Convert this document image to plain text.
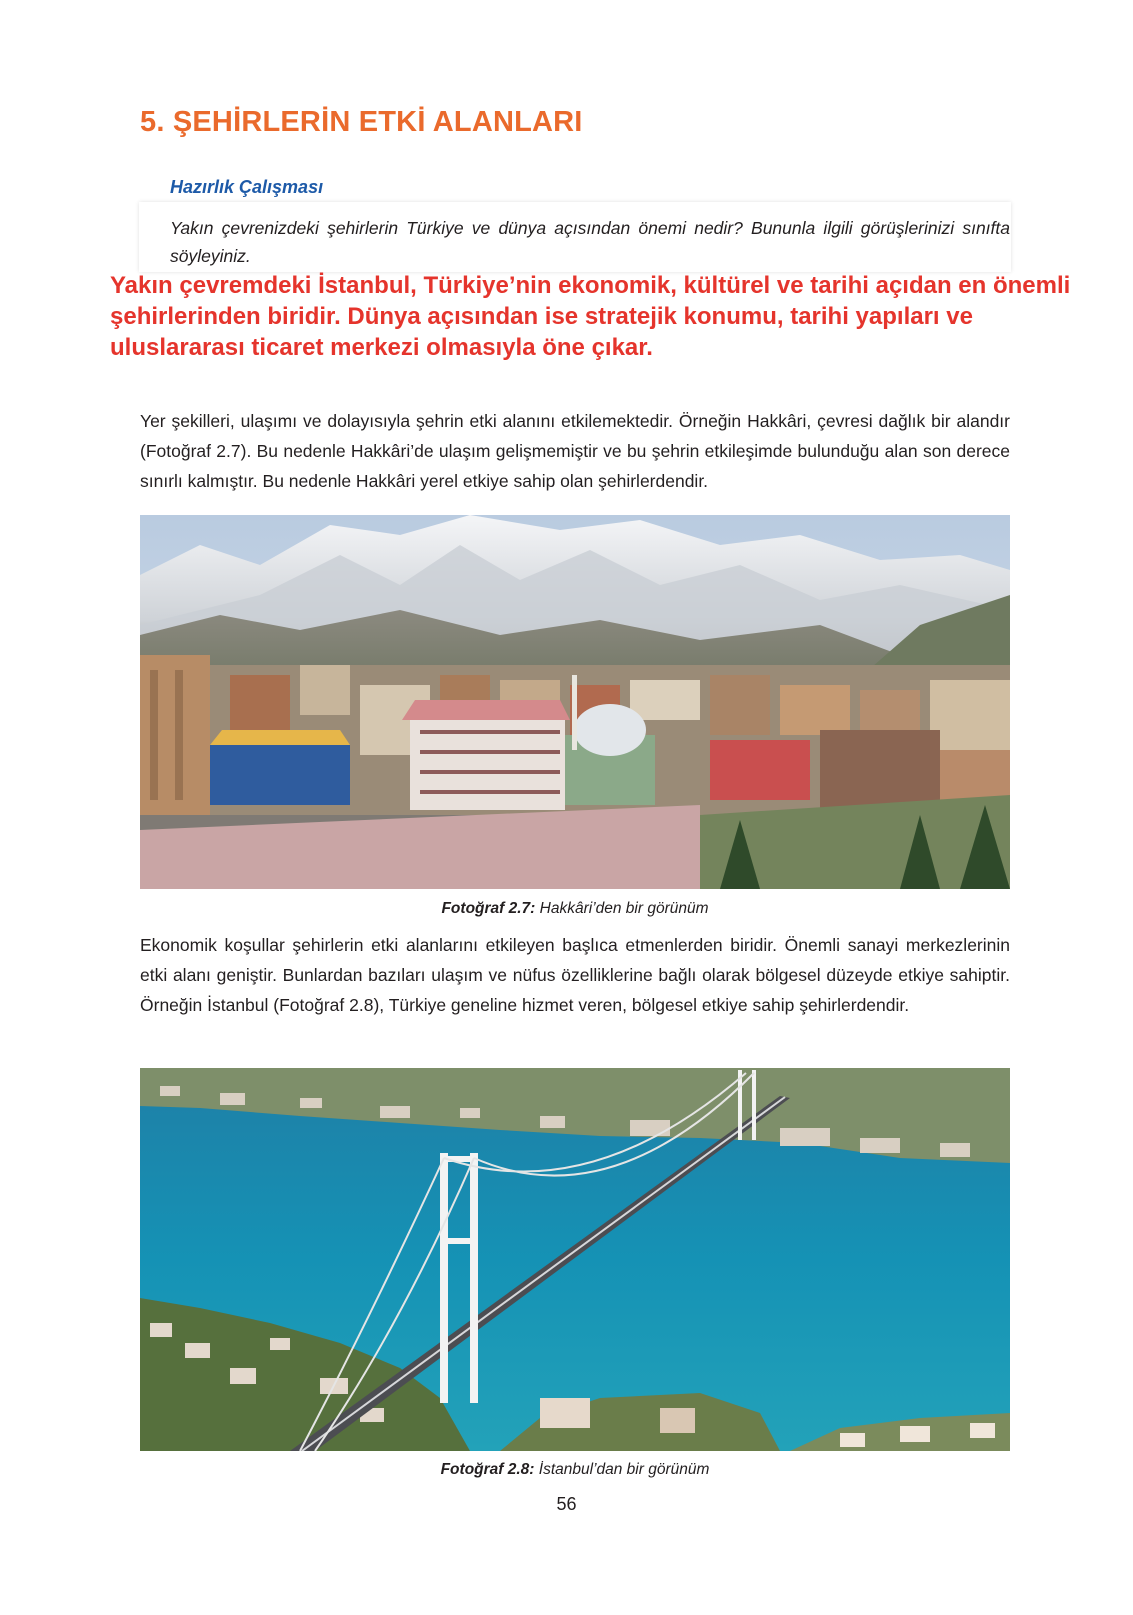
5. ŞEHİRLERİN ETKİ ALANLARI
Hazırlık Çalışması

Yakın çevrenizdeki şehirlerin Türkiye ve dünya açısından önemi nedir? Bununla ilgili görüşlerinizi sınıfta söyleyiniz.

Yakın çevremdeki İstanbul, Türkiye’nin ekonomik, kültürel ve tarihi açıdan en önemli şehirlerinden biridir. Dünya açısından ise stratejik konumu, tarihi yapıları ve uluslararası ticaret merkezi olmasıyla öne çıkar.

Yer şekilleri, ulaşımı ve dolayısıyla şehrin etki alanını etkilemektedir. Örneğin Hakkâri, çevresi dağlık bir alandır (Fotoğraf 2.7). Bu nedenle Hakkâri’de ulaşım gelişmemiştir ve bu şehrin etkileşimde bulunduğu alan son derece sınırlı kalmıştır. Bu nedenle Hakkâri yerel etkiye sahip olan şehirlerdendir.

Fotoğraf 2.7: Hakkâri’den bir görünüm

Ekonomik koşullar şehirlerin etki alanlarını etkileyen başlıca etmenlerden biridir. Önemli sanayi merkezlerinin etki alanı geniştir. Bunlardan bazıları ulaşım ve nüfus özelliklerine bağlı olarak bölgesel düzeyde etkiye sahiptir. Örneğin İstanbul (Fotoğraf 2.8), Türkiye geneline hizmet veren, bölgesel etkiye sahip şehirlerdendir.

Fotoğraf 2.8: İstanbul’dan bir görünüm

56
